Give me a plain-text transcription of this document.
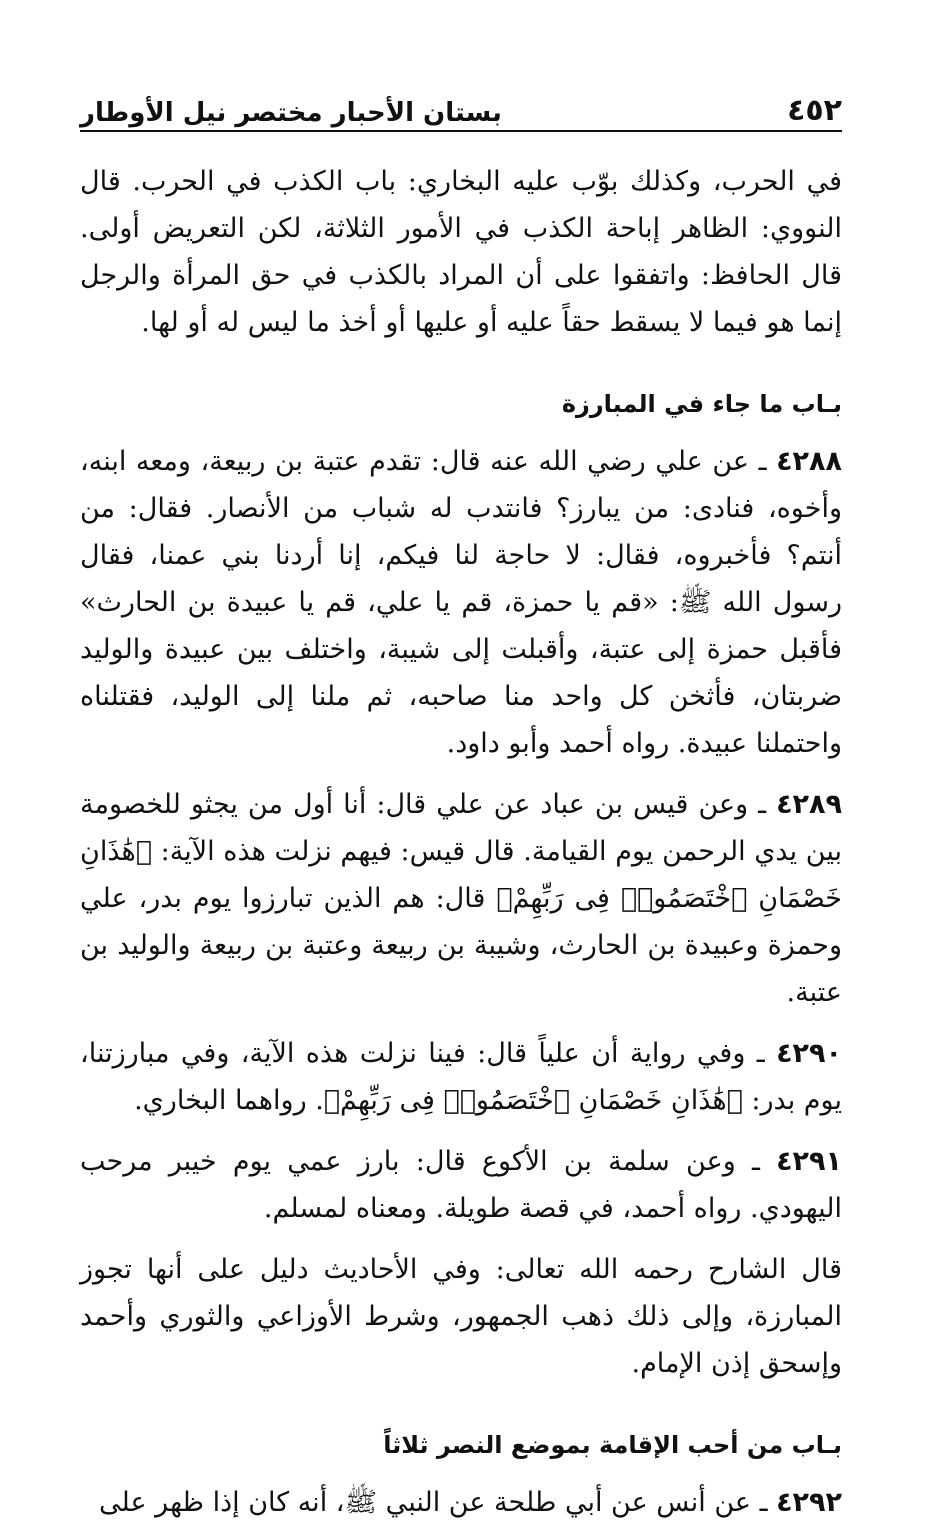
٤٥٢
بستان الأحبار مختصر نيل الأوطار

في الحرب، وكذلك بوّب عليه البخاري: باب الكذب في الحرب. قال النووي: الظاهر إباحة الكذب في الأمور الثلاثة، لكن التعريض أولى. قال الحافظ: واتفقوا على أن المراد بالكذب في حق المرأة والرجل إنما هو فيما لا يسقط حقاً عليه أو عليها أو أخذ ما ليس له أو لها.

بـاب ما جاء في المبارزة

٤٢٨٨ ـ عن علي رضي الله عنه قال: تقدم عتبة بن ربيعة، ومعه ابنه، وأخوه، فنادى: من يبارز؟ فانتدب له شباب من الأنصار. فقال: من أنتم؟ فأخبروه، فقال: لا حاجة لنا فيكم، إنا أردنا بني عمنا، فقال رسول الله ﷺ: «قم يا حمزة، قم يا علي، قم يا عبيدة بن الحارث» فأقبل حمزة إلى عتبة، وأقبلت إلى شيبة، واختلف بين عبيدة والوليد ضربتان، فأثخن كل واحد منا صاحبه، ثم ملنا إلى الوليد، فقتلناه واحتملنا عبيدة. رواه أحمد وأبو داود.

٤٢٨٩ ـ وعن قيس بن عباد عن علي قال: أنا أول من يجثو للخصومة بين يدي الرحمن يوم القيامة. قال قيس: فيهم نزلت هذه الآية: ﴿هَٰذَانِ خَصْمَانِ ٱخْتَصَمُوا۟ فِى رَبِّهِمْ﴾ قال: هم الذين تبارزوا يوم بدر، علي وحمزة وعبيدة بن الحارث، وشيبة بن ربيعة وعتبة بن ربيعة والوليد بن عتبة.

٤٢٩٠ ـ وفي رواية أن علياً قال: فينا نزلت هذه الآية، وفي مبارزتنا، يوم بدر: ﴿هَٰذَانِ خَصْمَانِ ٱخْتَصَمُوا۟ فِى رَبِّهِمْ﴾. رواهما البخاري.

٤٢٩١ ـ وعن سلمة بن الأكوع قال: بارز عمي يوم خيبر مرحب اليهودي. رواه أحمد، في قصة طويلة. ومعناه لمسلم.

قال الشارح رحمه الله تعالى: وفي الأحاديث دليل على أنها تجوز المبارزة، وإلى ذلك ذهب الجمهور، وشرط الأوزاعي والثوري وأحمد وإسحق إذن الإمام.

بـاب من أحب الإقامة بموضع النصر ثلاثاً

٤٢٩٢ ـ عن أنس عن أبي طلحة عن النبي ﷺ، أنه كان إذا ظهر على
